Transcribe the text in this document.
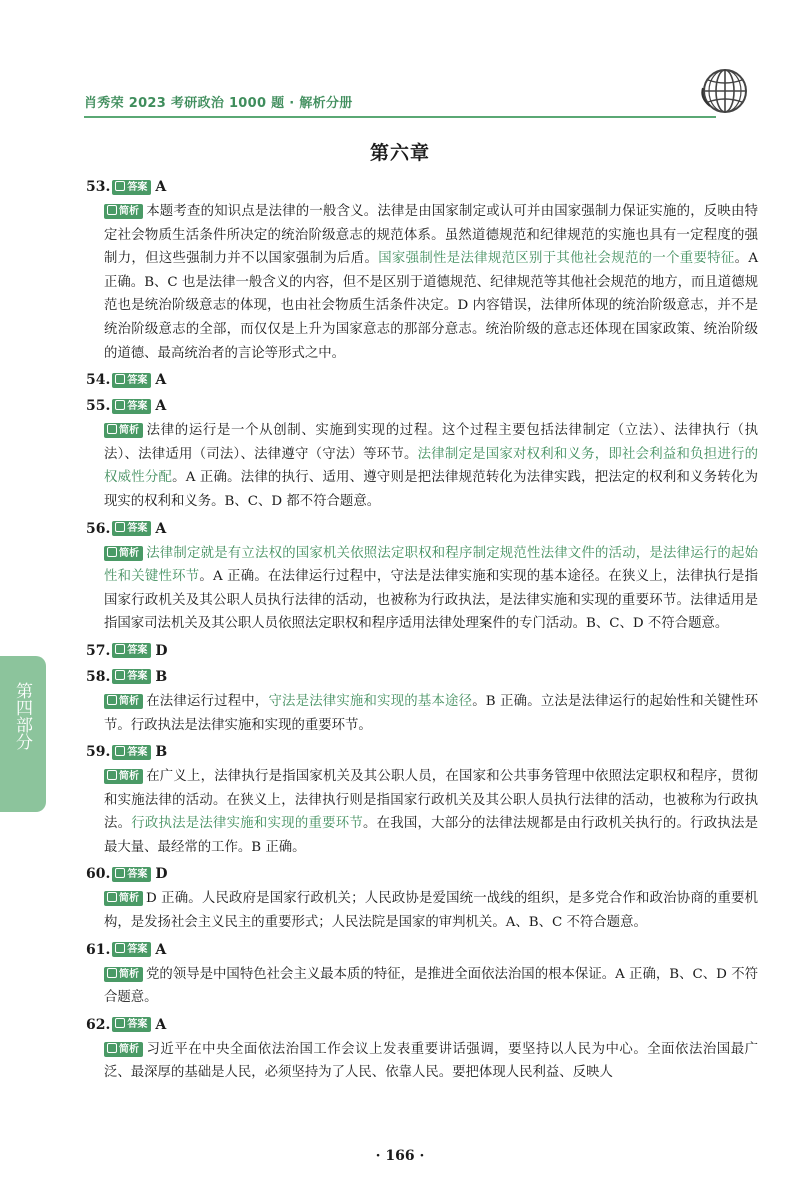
肖秀荣 2023 考研政治 1000 题 · 解析分册
第六章
53.	答案 A
简析 本题考查的知识点是法律的一般含义。法律是由国家制定或认可并由国家强制力保证实施的，反映由特定社会物质生活条件所决定的统治阶级意志的规范体系。虽然道德规范和纪律规范的实施也具有一定程度的强制力，但这些强制力并不以国家强制为后盾。国家强制性是法律规范区别于其他社会规范的一个重要特征。A 正确。B、C 也是法律一般含义的内容，但不是区别于道德规范、纪律规范等其他社会规范的地方，而且道德规范也是统治阶级意志的体现，也由社会物质生活条件决定。D 内容错误，法律所体现的统治阶级意志，并不是统治阶级意志的全部，而仅仅是上升为国家意志的那部分意志。统治阶级的意志还体现在国家政策、统治阶级的道德、最高统治者的言论等形式之中。
54.	答案 A
55.	答案 A
简析 法律的运行是一个从创制、实施到实现的过程。这个过程主要包括法律制定（立法）、法律执行（执法）、法律适用（司法）、法律遵守（守法）等环节。法律制定是国家对权利和义务，即社会利益和负担进行的权威性分配。A 正确。法律的执行、适用、遵守则是把法律规范转化为法律实践，把法定的权利和义务转化为现实的权利和义务。B、C、D 都不符合题意。
56.	答案 A
简析 法律制定就是有立法权的国家机关依照法定职权和程序制定规范性法律文件的活动，是法律运行的起始性和关键性环节。A 正确。在法律运行过程中，守法是法律实施和实现的基本途径。在狭义上，法律执行是指国家行政机关及其公职人员执行法律的活动，也被称为行政执法，是法律实施和实现的重要环节。法律适用是指国家司法机关及其公职人员依照法定职权和程序适用法律处理案件的专门活动。B、C、D 不符合题意。
57.	答案 D
58.	答案 B
简析 在法律运行过程中，守法是法律实施和实现的基本途径。B 正确。立法是法律运行的起始性和关键性环节。行政执法是法律实施和实现的重要环节。
59.	答案 B
简析 在广义上，法律执行是指国家机关及其公职人员，在国家和公共事务管理中依照法定职权和程序，贯彻和实施法律的活动。在狭义上，法律执行则是指国家行政机关及其公职人员执行法律的活动，也被称为行政执法。行政执法是法律实施和实现的重要环节。在我国，大部分的法律法规都是由行政机关执行的。行政执法是最大量、最经常的工作。B 正确。
60.	答案 D
简析 D 正确。人民政府是国家行政机关；人民政协是爱国统一战线的组织，是多党合作和政治协商的重要机构，是发扬社会主义民主的重要形式；人民法院是国家的审判机关。A、B、C 不符合题意。
61.	答案 A
简析 党的领导是中国特色社会主义最本质的特征，是推进全面依法治国的根本保证。A 正确，B、C、D 不符合题意。
62.	答案 A
简析 习近平在中央全面依法治国工作会议上发表重要讲话强调，要坚持以人民为中心。全面依法治国最广泛、最深厚的基础是人民，必须坚持为了人民、依靠人民。要把体现人民利益、反映人
第四部分
· 166 ·
